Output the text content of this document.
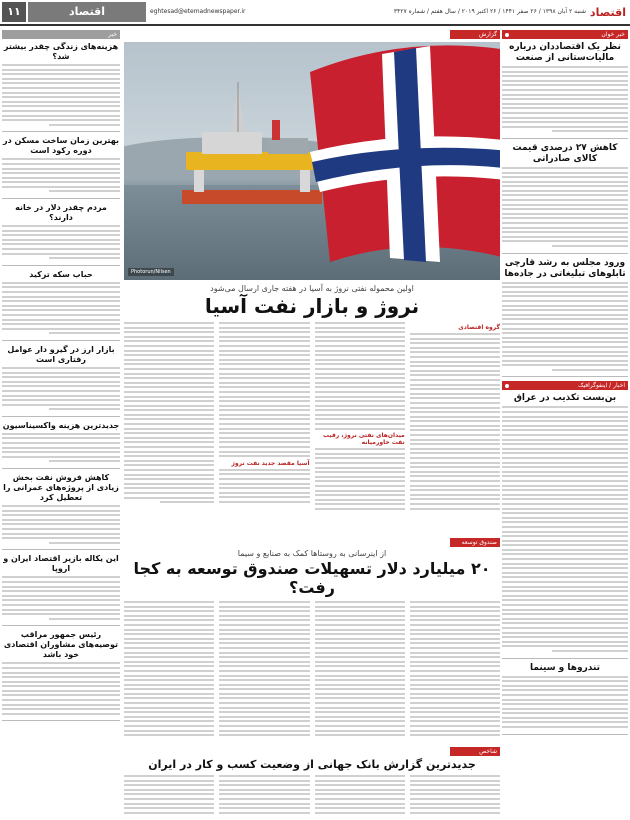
اقتصاد
شنبه ۲ آبان ۱۳۹۸ / ۲۶ صفر ۱۴۴۱ / ۲۶ اکتبر ۲۰۱۹ / سال هفتم / شماره ۳۴۲۷
eghtesad@etemadnewspaper.ir
اقتصاد
۱۱
خبر خوان
نظر یک اقتصاددان درباره مالیات‌ستانی از صنعت
کاهش ۲۷ درصدی قیمت کالای صادراتی
ورود مجلس به رشد قارچی تابلوهای تبلیغاتی در جاده‌ها
اخبار / اینفوگرافیک
بن‌بست تکذیب در عراق
تندروها و سینما
خبر
هزینه‌های زندگی چقدر بیشتر شد؟
بهترین زمان ساخت مسکن در دوره رکود است
مردم چقدر دلار در خانه دارند؟
حباب سکه ترکید
بازار ارز در گیرو دار عوامل رفتاری است
جدیدترین هزینه واکسیناسیون
کاهش فروش نفت بخش زیادی از پروژه‌های عمرانی را تعطیل کرد
این یکاله بازیر اقتصاد ایران و اروپا
رئیس جمهور مراقب توصیه‌های مشاوران اقتصادی خود باشد
گزارش
Photorun/Nilsen
اولین محموله نفتی نروژ به آسیا در هفته جاری ارسال می‌شود
نروژ و بازار نفت آسیا
گروه اقتصادی
میدان‌های نفتی نروژ، رقیب نفت خاورمیانه
آسیا مقصد جدید نفت نروژ
صندوق توسعه
از اینرسانی به روستاها کمک به صنایع و سیما
۲۰ میلیارد دلار تسهیلات صندوق توسعه به کجا رفت؟
شاخص
جدیدترین گزارش بانک جهانی از وضعیت کسب و کار در ایران
